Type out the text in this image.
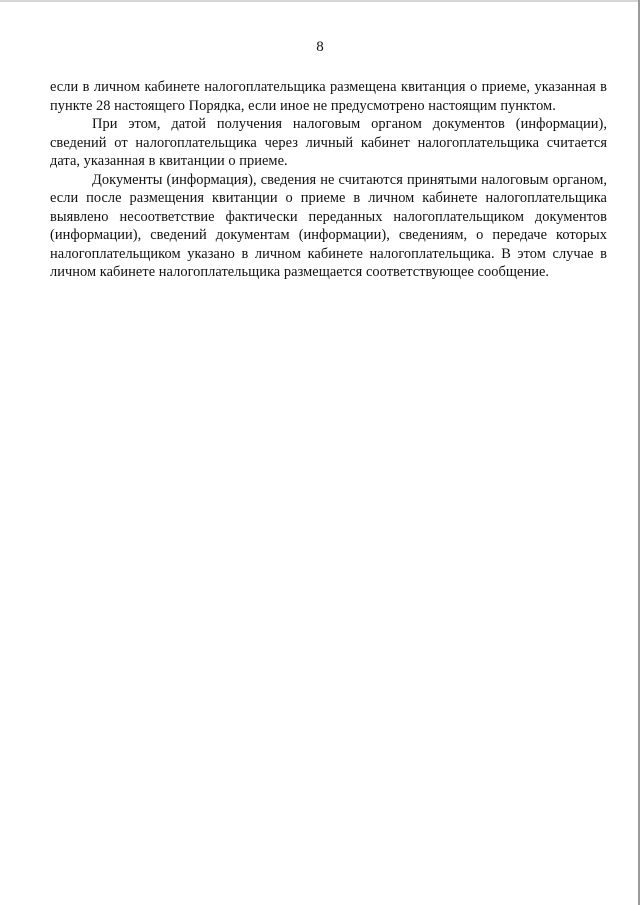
8

если в личном кабинете налогоплательщика размещена квитанция о приеме, указанная в пункте 28 настоящего Порядка, если иное не предусмотрено настоящим пунктом.

При этом, датой получения налоговым органом документов (информации), сведений от налогоплательщика через личный кабинет налогоплательщика считается дата, указанная в квитанции о приеме.

Документы (информация), сведения не считаются принятыми налоговым органом, если после размещения квитанции о приеме в личном кабинете налогоплательщика выявлено несоответствие фактически переданных налогоплательщиком документов (информации), сведений документам (информации), сведениям, о передаче которых налогоплательщиком указано в личном кабинете налогоплательщика. В этом случае в личном кабинете налогоплательщика размещается соответствующее сообщение.
